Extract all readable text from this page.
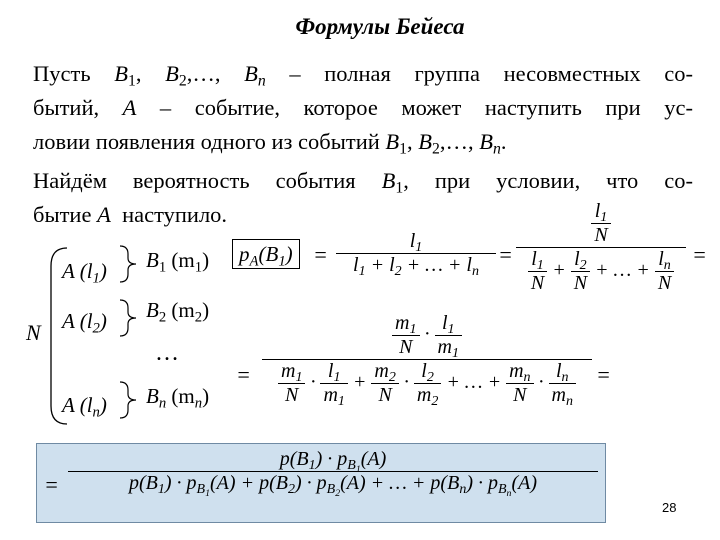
Формулы Бейеса
Пусть $B_1$, $B_2,\dots$, $B_n$ – полная группа несовместных со-
бытий, A – событие, которое может наступить при ус-
ловии появления одного из событий $B_1$, $B_2,\dots$, $B_n$.
Найдём вероятность события $B_1$, при условии, что со-
бытие A  наступило.
N
A $(l_1)$
A $(l_2)$
A $(l_n)$
$B_1$ $(m_1)$
$B_2$ $(m_2)$
…
$B_n$ $(m_n)$
$p_A(B_1) = \frac{l_1}{l_1 + l_2 + \dots + l_n} = \frac{\frac{l_1}{N}}{\frac{l_1}{N} + \frac{l_2}{N} + \dots + \frac{l_n}{N}}$ =
=
$\frac{m_1}{N} \cdot \frac{l_1}{m_1}$
$\frac{m_1}{N} \cdot \frac{l_1}{m_1} + \frac{m_2}{N} \cdot \frac{l_2}{m_2}$ + … + $\frac{m_n}{N} \cdot \frac{l_n}{m_n}$ =
= $\frac{p(B_1) \cdot p_{B_1}(A)}{p(B_1) \cdot p_{B_1}(A) + p(B_2) \cdot p_{B_2}(A) + \dots + p(B_n) \cdot p_{B_n}(A)}$
28
